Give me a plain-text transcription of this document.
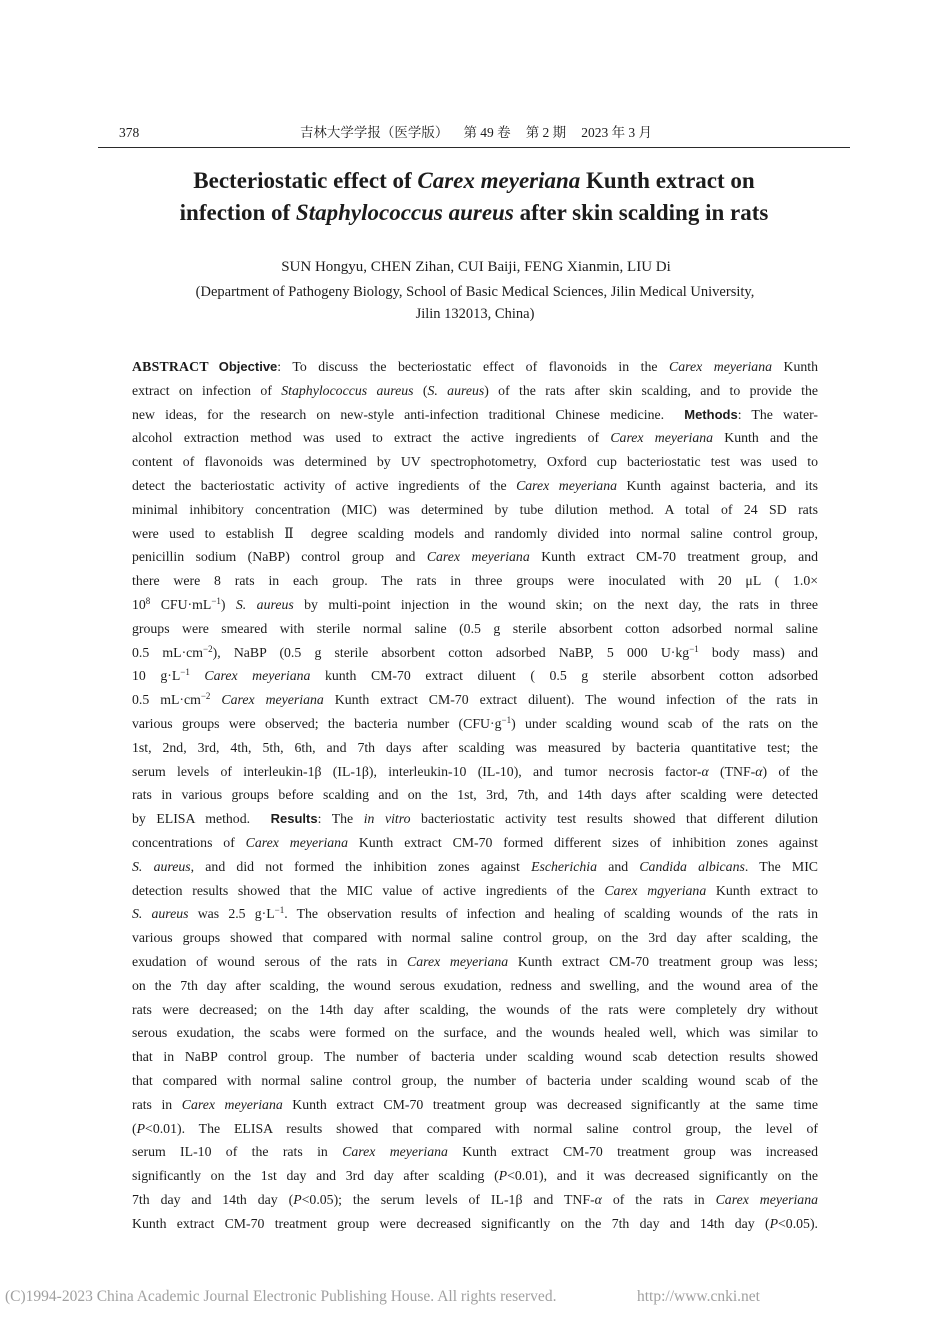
378	吉林大学学报（医学版） 第 49 卷 第 2 期 2023 年 3 月
Becteriostatic effect of Carex meyeriana Kunth extract on
infection of Staphylococcus aureus after skin scalding in rats
SUN Hongyu, CHEN Zihan, CUI Baiji, FENG Xianmin, LIU Di
(Department of Pathogeny Biology, School of Basic Medical Sciences, Jilin Medical University,
Jilin 132013, China)
ABSTRACT Objective: To discuss the becteriostatic effect of flavonoids in the Carex meyeriana Kunth
extract on infection of Staphylococcus aureus (S. aureus) of the rats after skin scalding, and to provide the
new ideas, for the research on new-style anti-infection traditional Chinese medicine. Methods: The water-
alcohol extraction method was used to extract the active ingredients of Carex meyeriana Kunth and the
content of flavonoids was determined by UV spectrophotometry, Oxford cup bacteriostatic test was used to
detect the bacteriostatic activity of active ingredients of the Carex meyeriana Kunth against bacteria, and its
minimal inhibitory concentration (MIC) was determined by tube dilution method. A total of 24 SD rats
were used to establish Ⅱ degree scalding models and randomly divided into normal saline control group,
penicillin sodium (NaBP) control group and Carex meyeriana Kunth extract CM-70 treatment group, and
there were 8 rats in each group. The rats in three groups were inoculated with 20 μL ( 1.0×
$10^8$ $CFU\cdot mL^{-1}$) S. aureus by multi-point injection in the wound skin; on the next day, the rats in three
groups were smeared with sterile normal saline (0.5 g sterile absorbent cotton adsorbed normal saline
0.5 $mL\cdot cm^{-2}$), NaBP (0.5 g sterile absorbent cotton adsorbed NaBP, 5 000 $U\cdot kg^{-1}$ body mass) and
10 $g\cdot L^{-1}$ Carex meyeriana kunth CM-70 extract diluent ( 0.5 g sterile absorbent cotton adsorbed
0.5 $mL\cdot cm^{-2}$ Carex meyeriana Kunth extract CM-70 extract diluent). The wound infection of the rats in
various groups were observed; the bacteria number $(CFU\cdot g^{-1})$ under scalding wound scab of the rats on the
1st, 2nd, 3rd, 4th, 5th, 6th, and 7th days after scalding was measured by bacteria quantitative test; the
serum levels of interleukin-1β (IL-1β), interleukin-10 (IL-10), and tumor necrosis factor-α (TNF-α) of the
rats in various groups before scalding and on the 1st, 3rd, 7th, and 14th days after scalding were detected
by ELISA method. Results: The in vitro bacteriostatic activity test results showed that different dilution
concentrations of Carex meyeriana Kunth extract CM-70 formed different sizes of inhibition zones against
S. aureus, and did not formed the inhibition zones against Escherichia and Candida albicans. The MIC
detection results showed that the MIC value of active ingredients of the Carex mgyeriana Kunth extract to
S. aureus was 2.5 $g\cdot L^{-1}$. The observation results of infection and healing of scalding wounds of the rats in
various groups showed that compared with normal saline control group, on the 3rd day after scalding, the
exudation of wound serous of the rats in Carex meyeriana Kunth extract CM-70 treatment group was less;
on the 7th day after scalding, the wound serous exudation, redness and swelling, and the wound area of the
rats were decreased; on the 14th day after scalding, the wounds of the rats were completely dry without
serous exudation, the scabs were formed on the surface, and the wounds healed well, which was similar to
that in NaBP control group. The number of bacteria under scalding wound scab detection results showed
that compared with normal saline control group, the number of bacteria under scalding wound scab of the
rats in Carex meyeriana Kunth extract CM-70 treatment group was decreased significantly at the same time
(P<0.01). The ELISA results showed that compared with normal saline control group, the level of
serum IL-10 of the rats in Carex meyeriana Kunth extract CM-70 treatment group was increased
significantly on the 1st day and 3rd day after scalding (P<0.01), and it was decreased significantly on the
7th day and 14th day (P<0.05); the serum levels of IL-1β and TNF-α of the rats in Carex meyeriana
Kunth extract CM-70 treatment group were decreased significantly on the 7th day and 14th day (P<0.05).
(C)1994-2023 China Academic Journal Electronic Publishing House. All rights reserved.	http://www.cnki.net
